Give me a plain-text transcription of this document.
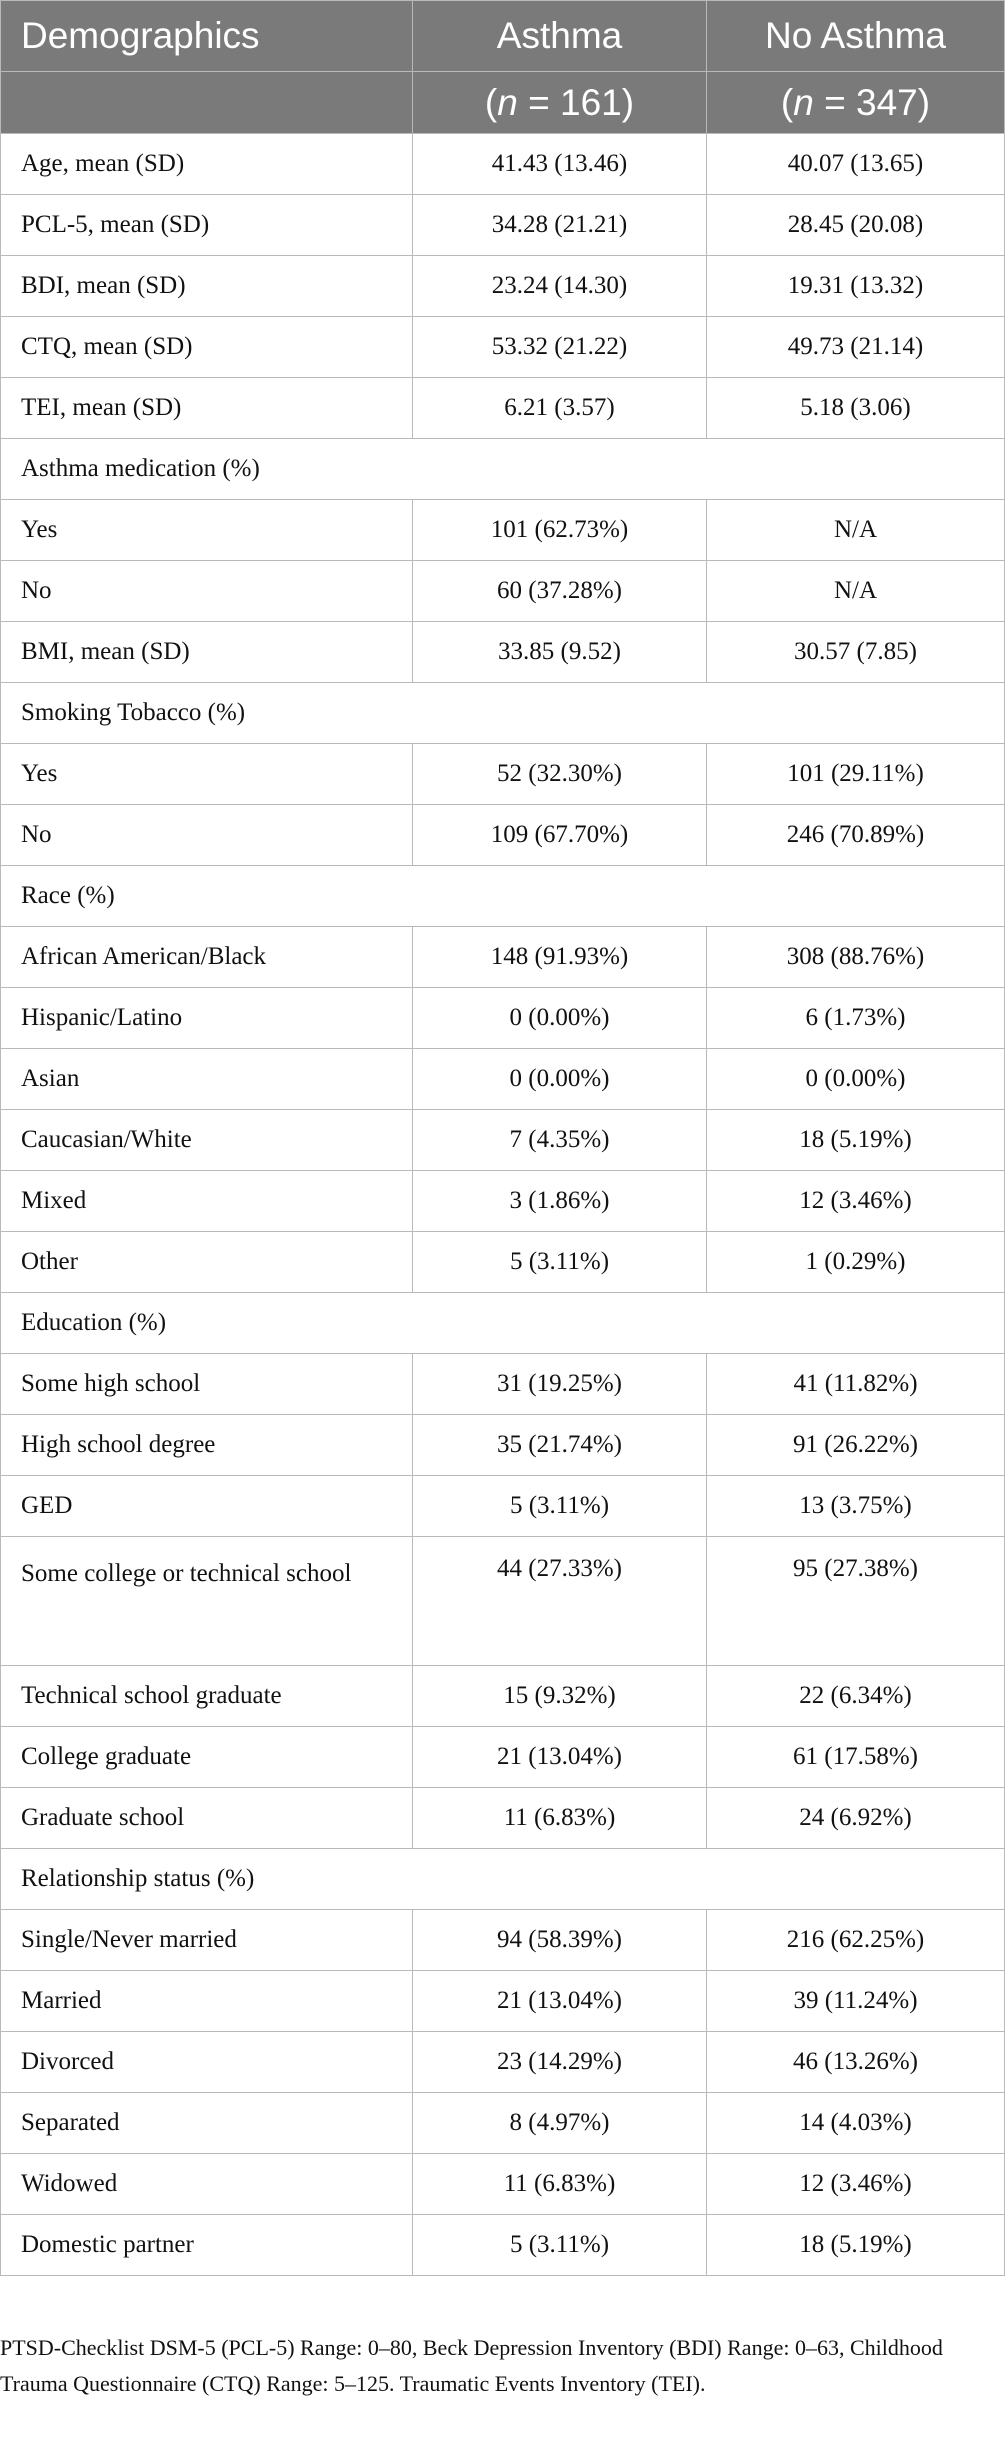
Demographics	Asthma	No Asthma
	(n = 161)	(n = 347)
Age, mean (SD)	41.43 (13.46)	40.07 (13.65)
PCL-5, mean (SD)	34.28 (21.21)	28.45 (20.08)
BDI, mean (SD)	23.24 (14.30)	19.31 (13.32)
CTQ, mean (SD)	53.32 (21.22)	49.73 (21.14)
TEI, mean (SD)	6.21 (3.57)	5.18 (3.06)
Asthma medication (%)		
Yes	101 (62.73%)	N/A
No	60 (37.28%)	N/A
BMI, mean (SD)	33.85 (9.52)	30.57 (7.85)
Smoking Tobacco (%)		
Yes	52 (32.30%)	101 (29.11%)
No	109 (67.70%)	246 (70.89%)
Race (%)		
African American/Black	148 (91.93%)	308 (88.76%)
Hispanic/Latino	0 (0.00%)	6 (1.73%)
Asian	0 (0.00%)	0 (0.00%)
Caucasian/White	7 (4.35%)	18 (5.19%)
Mixed	3 (1.86%)	12 (3.46%)
Other	5 (3.11%)	1 (0.29%)
Education (%)		
Some high school	31 (19.25%)	41 (11.82%)
High school degree	35 (21.74%)	91 (26.22%)
GED	5 (3.11%)	13 (3.75%)
Some college or technical school	44 (27.33%)	95 (27.38%)
Technical school graduate	15 (9.32%)	22 (6.34%)
College graduate	21 (13.04%)	61 (17.58%)
Graduate school	11 (6.83%)	24 (6.92%)
Relationship status (%)		
Single/Never married	94 (58.39%)	216 (62.25%)
Married	21 (13.04%)	39 (11.24%)
Divorced	23 (14.29%)	46 (13.26%)
Separated	8 (4.97%)	14 (4.03%)
Widowed	11 (6.83%)	12 (3.46%)
Domestic partner	5 (3.11%)	18 (5.19%)
PTSD-Checklist DSM-5 (PCL-5) Range: 0–80, Beck Depression Inventory (BDI) Range: 0–63, Childhood Trauma Questionnaire (CTQ) Range: 5–125. Traumatic Events Inventory (TEI).
